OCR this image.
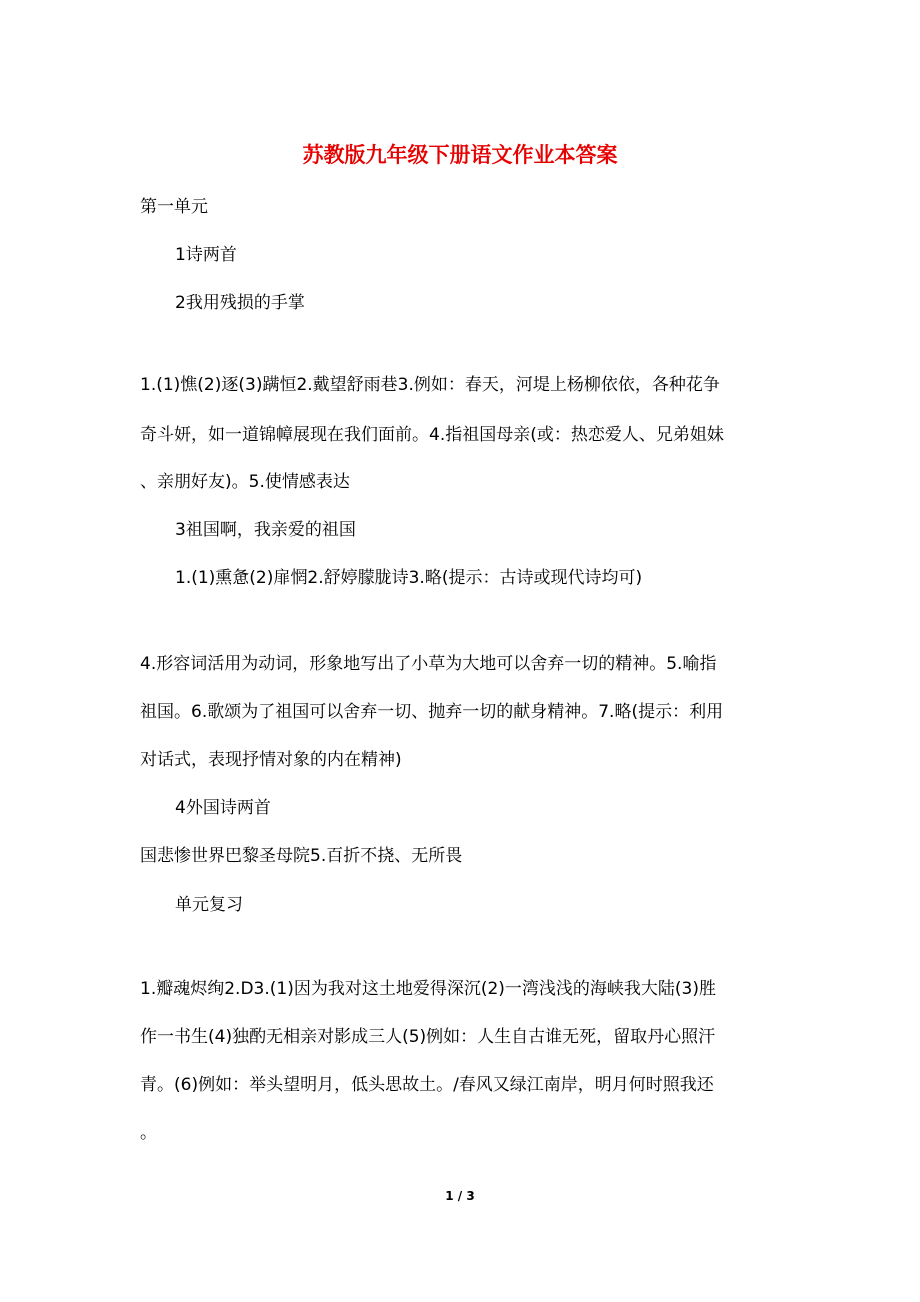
苏教版九年级下册语文作业本答案
第一单元
1诗两首
2我用残损的手掌
1.(1)憔(2)逐(3)蹒恒2.戴望舒雨巷3.例如：春天，河堤上杨柳依依，各种花争
奇斗妍，如一道锦幛展现在我们面前。4.指祖国母亲(或：热恋爱人、兄弟姐妹
、亲朋好友)。5.使情感表达
3祖国啊，我亲爱的祖国
1.(1)熏惫(2)扉惘2.舒婷朦胧诗3.略(提示：古诗或现代诗均可)
4.形容词活用为动词，形象地写出了小草为大地可以舍弃一切的精神。5.喻指
祖国。6.歌颂为了祖国可以舍弃一切、抛弃一切的献身精神。7.略(提示：利用
对话式，表现抒情对象的内在精神)
4外国诗两首
国悲惨世界巴黎圣母院5.百折不挠、无所畏
单元复习
1.瓣魂烬绚2.D3.(1)因为我对这土地爱得深沉(2)一湾浅浅的海峡我大陆(3)胜
作一书生(4)独酌无相亲对影成三人(5)例如：人生自古谁无死，留取丹心照汗
青。(6)例如：举头望明月，低头思故土。/春风又绿江南岸，明月何时照我还
。
1 / 3
